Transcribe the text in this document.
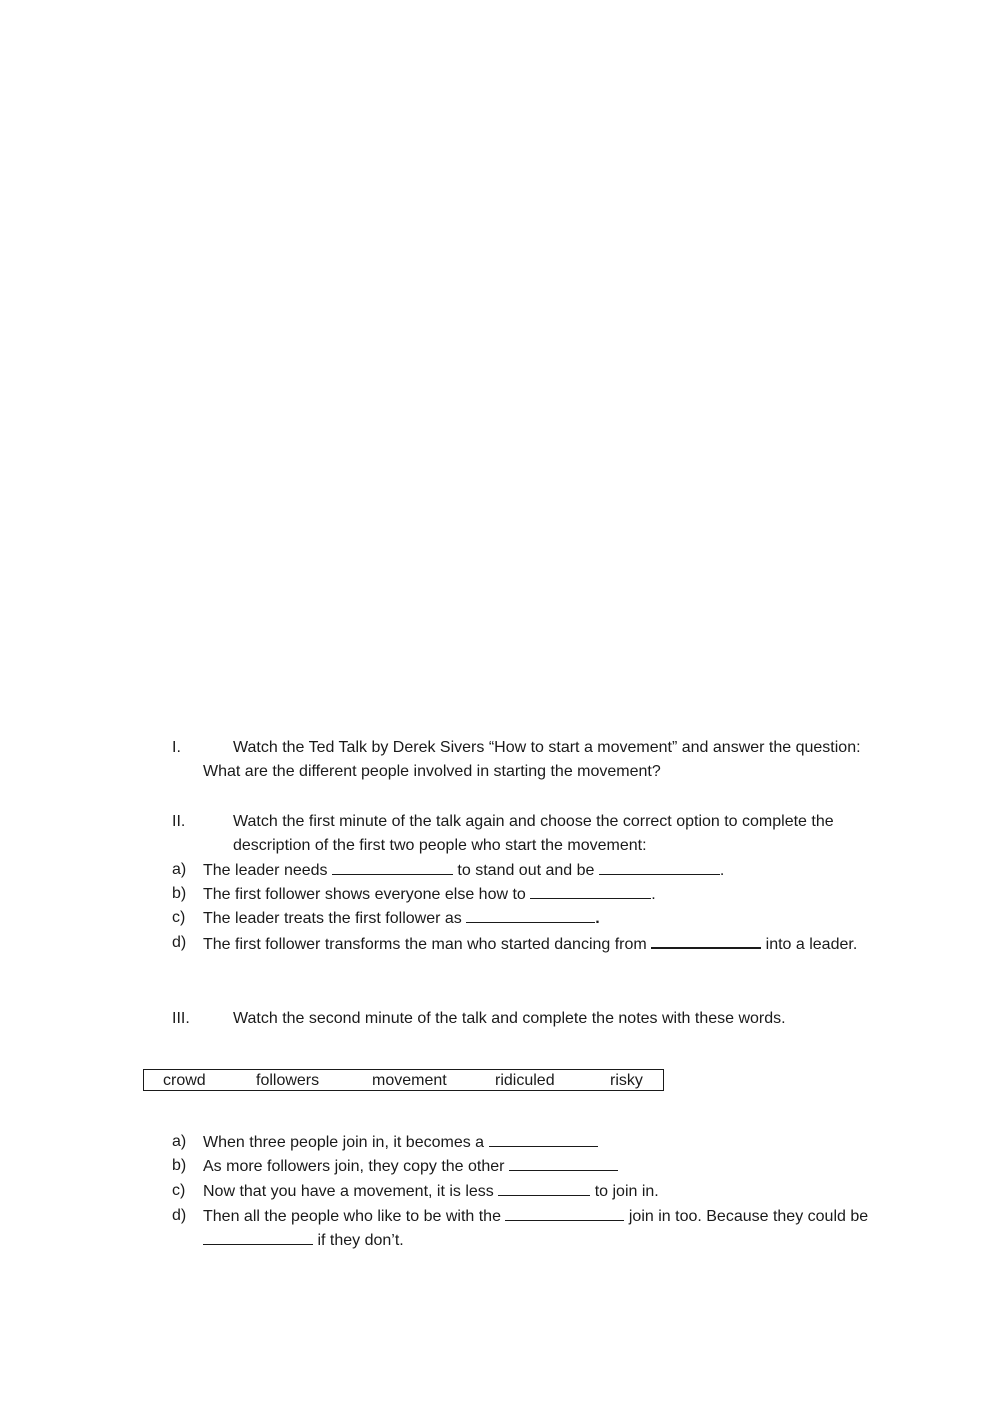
I.	Watch the Ted Talk by Derek Sivers “How to start a movement” and answer the question:
What are the different people involved in starting the movement?
II.	Watch the first minute of the talk again and choose the correct option to complete the
description of the first two people who start the movement:
a) The leader needs	to stand out and be	.
b) The first follower shows everyone else how to	.
c) The leader treats the first follower as	.
d) The first follower transforms the man who started dancing from	into a leader.
III.	Watch the second minute of the talk and complete the notes with these words.
crowd	followers	movement	ridiculed	risky
a) When three people join in, it becomes a
b) As more followers join, they copy the other
c) Now that you have a movement, it is less	to join in.
d) Then all the people who like to be with the	join in too. Because they could be
if they don’t.
